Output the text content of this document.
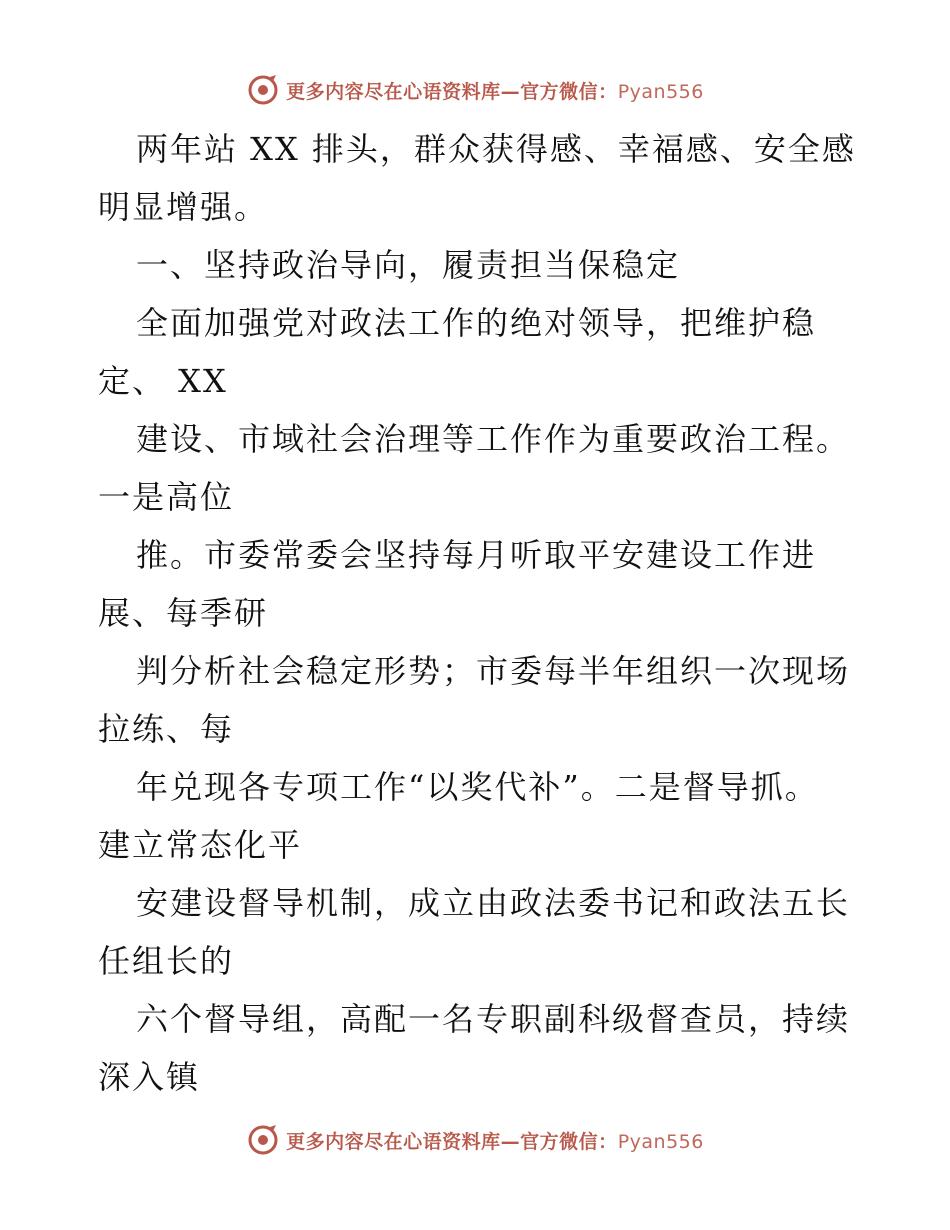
更多内容尽在心语资料库—官方微信：Pyan556
两年站 XX 排头，群众获得感、幸福感、安全感
明显增强。
一、坚持政治导向，履责担当保稳定
全面加强党对政法工作的绝对领导，把维护稳
定、 XX
建设、市域社会治理等工作作为重要政治工程。
一是高位
推。市委常委会坚持每月听取平安建设工作进
展、每季研
判分析社会稳定形势；市委每半年组织一次现场
拉练、每
年兑现各专项工作“以奖代补”。二是督导抓。
建立常态化平
安建设督导机制，成立由政法委书记和政法五长
任组长的
六个督导组，高配一名专职副科级督查员，持续
深入镇
更多内容尽在心语资料库—官方微信：Pyan556
